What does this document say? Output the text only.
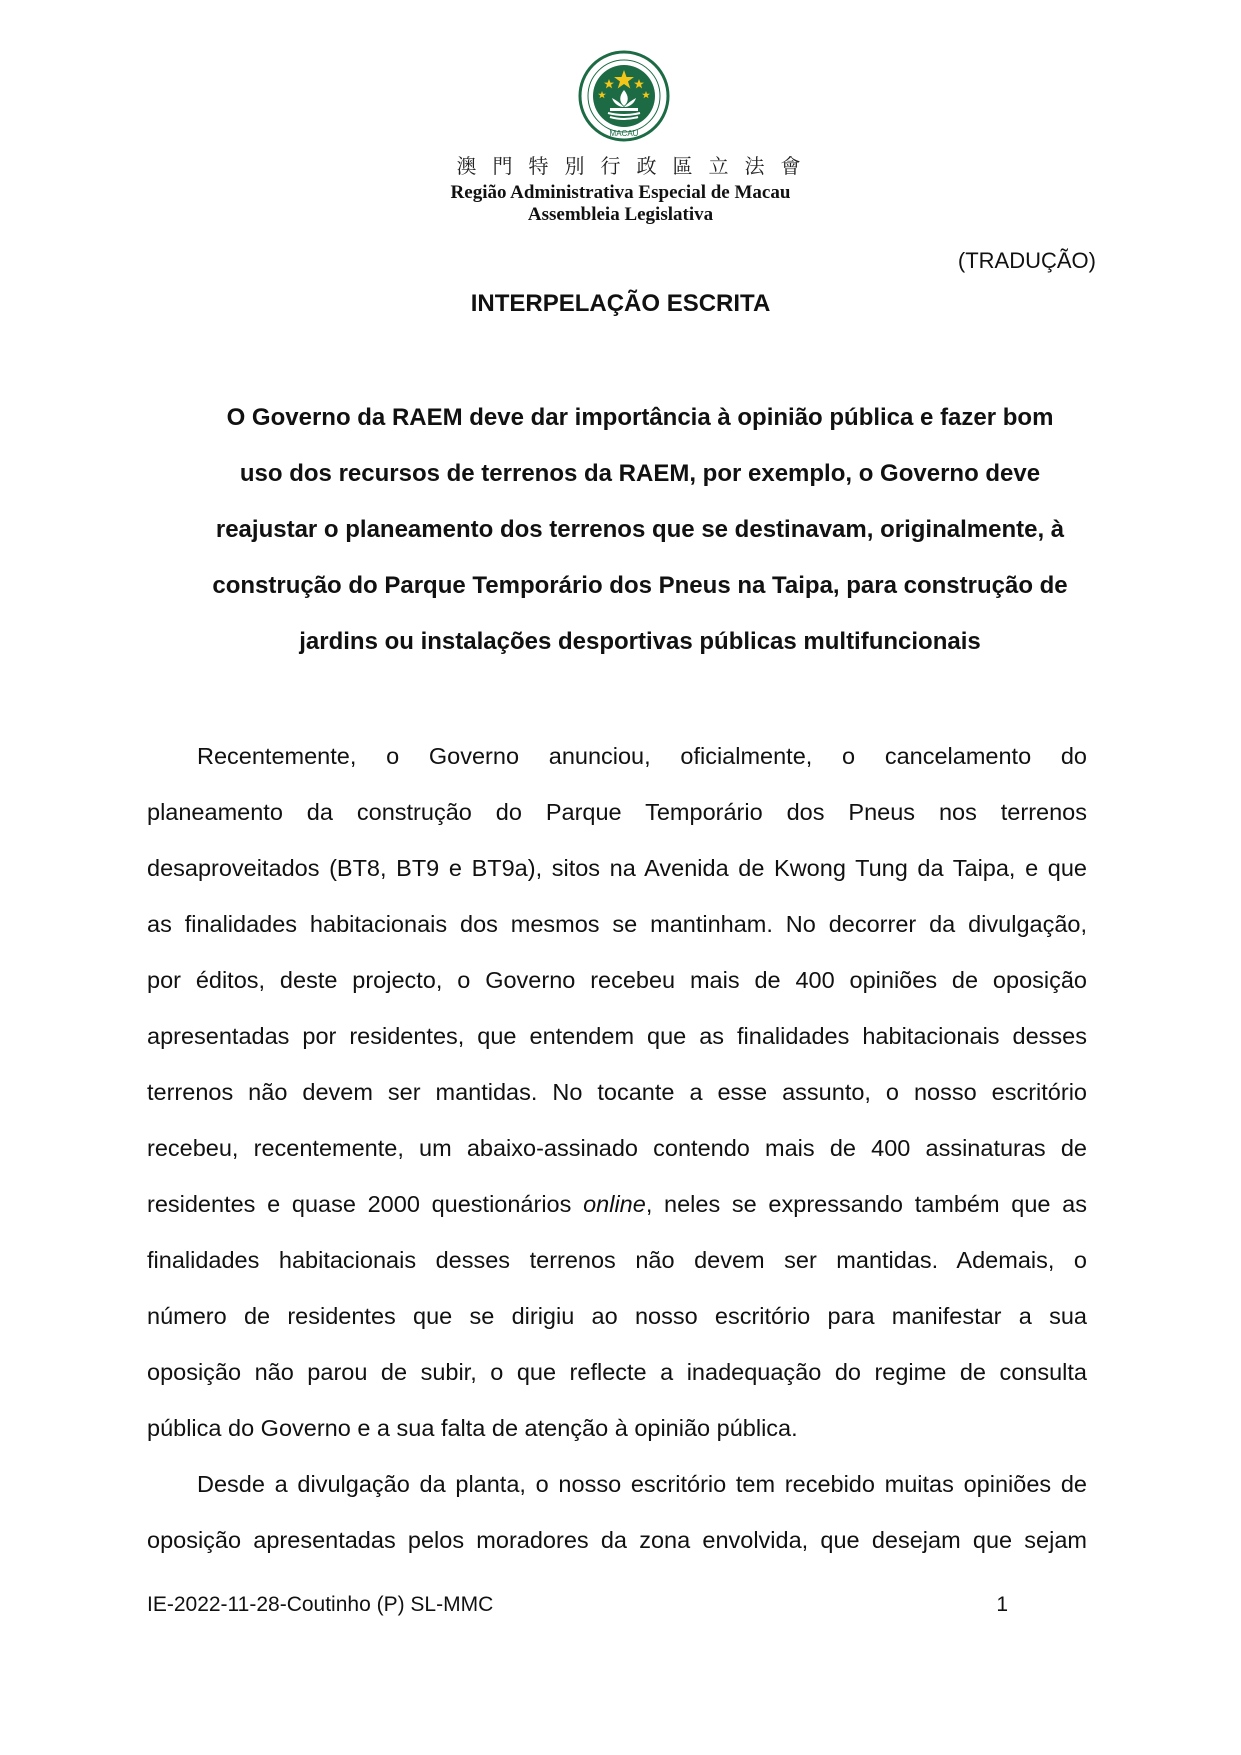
MACAU
澳門特別行政區立法會
Região Administrativa Especial de Macau
Assembleia Legislativa
(TRADUÇÃO)
INTERPELAÇÃO ESCRITA
O Governo da RAEM deve dar importância à opinião pública e fazer bom
uso dos recursos de terrenos da RAEM, por exemplo, o Governo deve
reajustar o planeamento dos terrenos que se destinavam, originalmente, à
construção do Parque Temporário dos Pneus na Taipa, para construção de
jardins ou instalações desportivas públicas multifuncionais
Recentemente, o Governo anunciou, oficialmente, o cancelamento do
planeamento da construção do Parque Temporário dos Pneus nos terrenos
desaproveitados (BT8, BT9 e BT9a), sitos na Avenida de Kwong Tung da Taipa, e que
as finalidades habitacionais dos mesmos se mantinham. No decorrer da divulgação,
por éditos, deste projecto, o Governo recebeu mais de 400 opiniões de oposição
apresentadas por residentes, que entendem que as finalidades habitacionais desses
terrenos não devem ser mantidas. No tocante a esse assunto, o nosso escritório
recebeu, recentemente, um abaixo-assinado contendo mais de 400 assinaturas de
residentes e quase 2000 questionários online, neles se expressando também que as
finalidades habitacionais desses terrenos não devem ser mantidas. Ademais, o
número de residentes que se dirigiu ao nosso escritório para manifestar a sua
oposição não parou de subir, o que reflecte a inadequação do regime de consulta
pública do Governo e a sua falta de atenção à opinião pública.
Desde a divulgação da planta, o nosso escritório tem recebido muitas opiniões de
oposição apresentadas pelos moradores da zona envolvida, que desejam que sejam
IE-2022-11-28-Coutinho (P) SL-MMC	1
